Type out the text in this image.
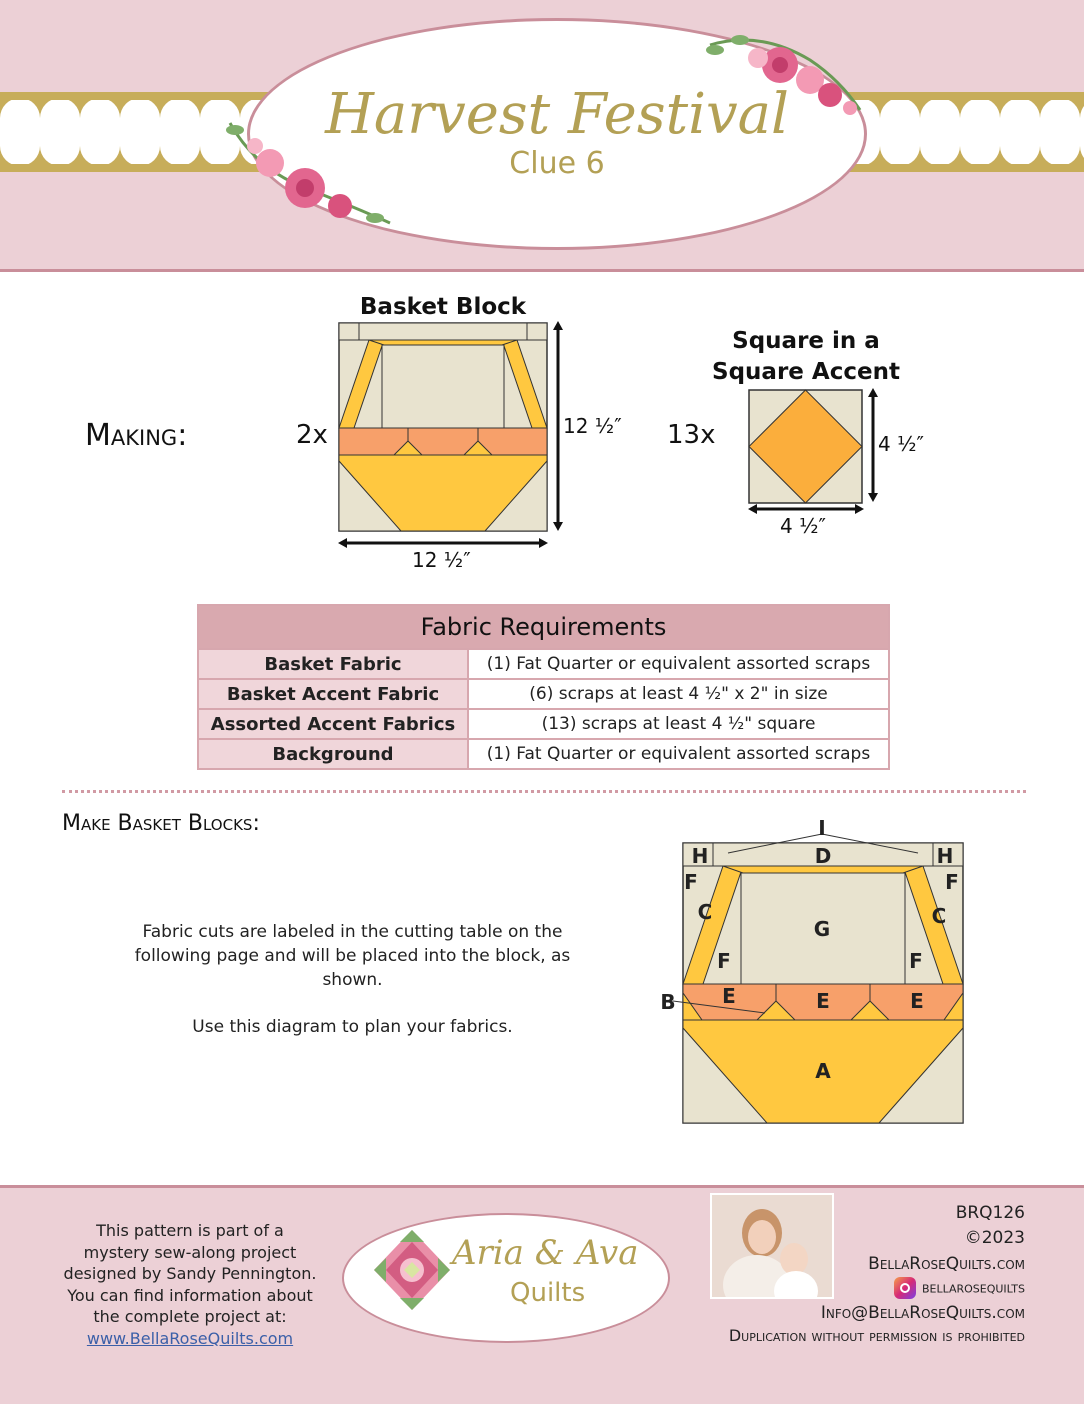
Harvest Festival
Clue 6
Making:	2x
Basket Block
12 ½″
12 ½″
13x
Square in a
Square Accent
4 ½″
4 ½″
Fabric Requirements	
Basket Fabric	(1) Fat Quarter or equivalent assorted scraps
Basket Accent Fabric	(6) scraps at least 4 ½" x 2" in size
Assorted Accent Fabrics	(13) scraps at least 4 ½" square
Background	(1) Fat Quarter or equivalent assorted scraps
Make Basket Blocks:
Fabric cuts are labeled in the cutting table on the following page and will be placed into the block, as shown.
Use this diagram to plan your fabrics.
I
H	H
D
F	F
C	C
G
F	F
E	E	E
B
A
This pattern is part of a
mystery sew-along project
designed by Sandy Pennington.
You can find information about
the complete project at:
www.BellaRoseQuilts.com
Aria & Ava
Quilts
BRQ126
©2023
BellaRoseQuilts.com
bellarosequilts
Info@BellaRoseQuilts.com
Duplication without permission is prohibited
